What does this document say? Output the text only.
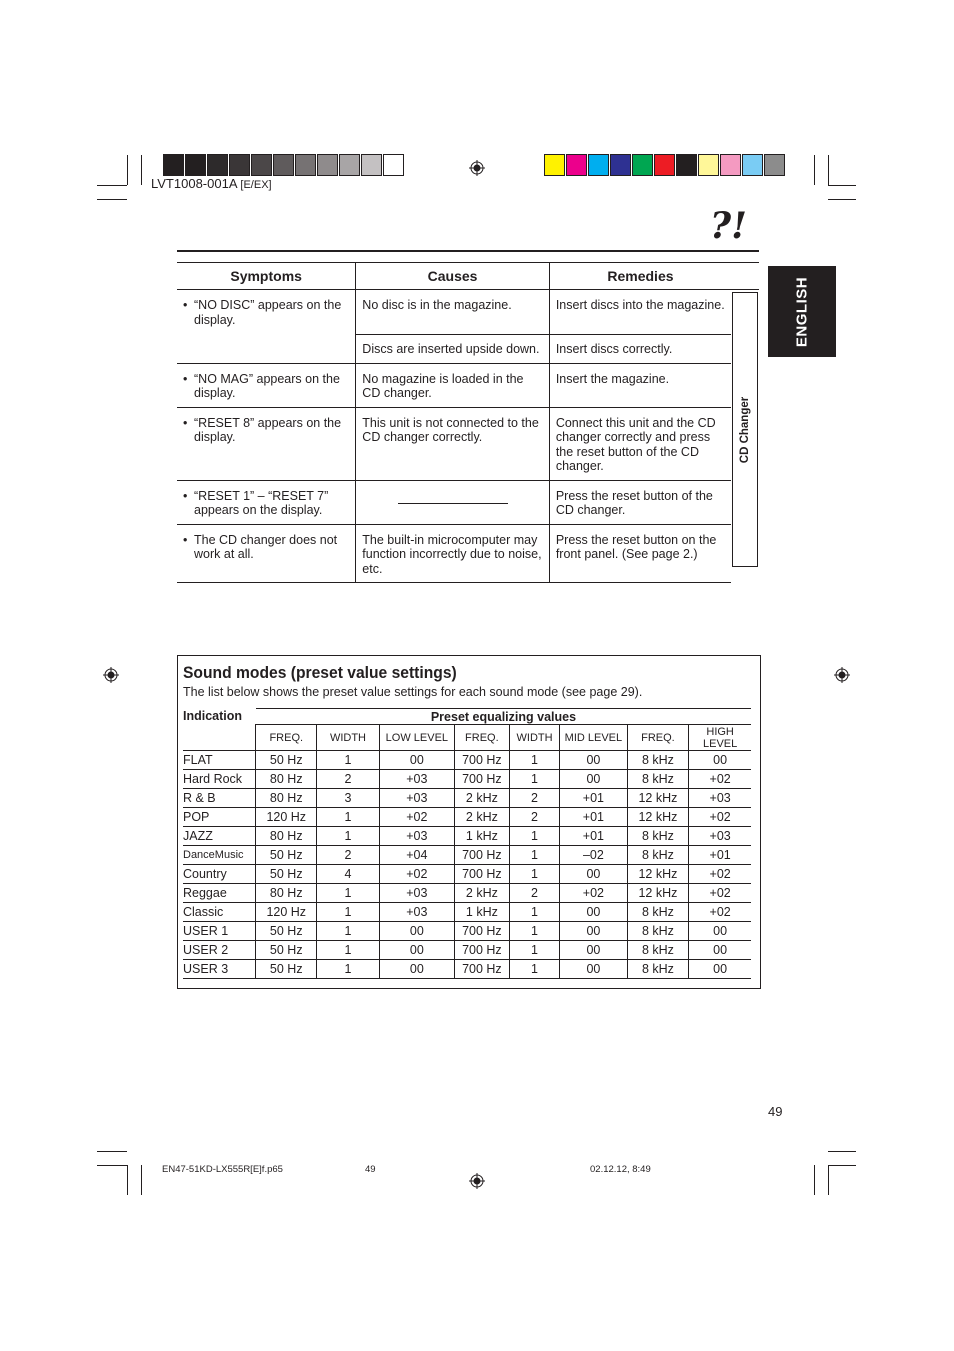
LVT1008-001A [E/EX]
?!
ENGLISH
Symptoms	Causes	Remedies	

• “NO DISC” appears on the display.	No disc is in the magazine.	Insert discs into the magazine.	
	Discs are inserted upside down.	Insert discs correctly.	

• “NO MAG” appears on the display.	No magazine is loaded in the CD changer.	Insert the magazine.	

• “RESET 8” appears on the display.	This unit is not connected to the CD changer correctly.	Connect this unit and the CD changer correctly and press the reset button of the CD changer.	

• “RESET 1” – “RESET 7” appears on the display.		Press the reset button of the CD changer.	

• The CD changer does not work at all.	The built-in microcomputer may function incorrectly due to noise, etc.	Press the reset button on the front panel. (See page 2.)	
CD Changer
Sound modes (preset value settings)
The list below shows the preset value settings for each sound mode (see page 29).
Indication	Preset equalizing values							
	FREQ.	WIDTH	LOW LEVEL	FREQ.	WIDTH	MID LEVEL	FREQ.	HIGH LEVEL
FLAT	50 Hz	1	00	700 Hz	1	00	8 kHz	00
Hard Rock	80 Hz	2	+03	700 Hz	1	00	8 kHz	+02
R & B	80 Hz	3	+03	2 kHz	2	+01	12 kHz	+03
POP	120 Hz	1	+02	2 kHz	2	+01	12 kHz	+02
JAZZ	80 Hz	1	+03	1 kHz	1	+01	8 kHz	+03
DanceMusic	50 Hz	2	+04	700 Hz	1	–02	8 kHz	+01
Country	50 Hz	4	+02	700 Hz	1	00	12 kHz	+02
Reggae	80 Hz	1	+03	2 kHz	2	+02	12 kHz	+02
Classic	120 Hz	1	+03	1 kHz	1	00	8 kHz	+02
USER 1	50 Hz	1	00	700 Hz	1	00	8 kHz	00
USER 2	50 Hz	1	00	700 Hz	1	00	8 kHz	00
USER 3	50 Hz	1	00	700 Hz	1	00	8 kHz	00
49
EN47-51KD-LX555R[E]f.p65	49	02.12.12, 8:49
